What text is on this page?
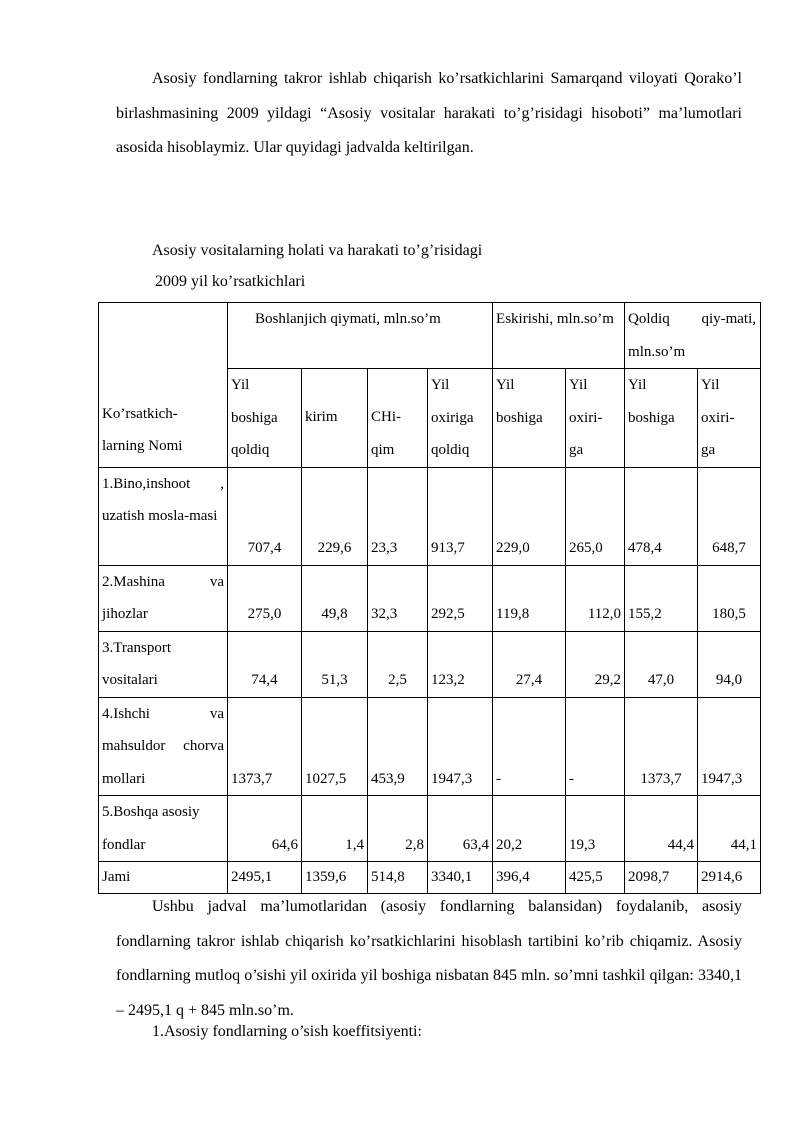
Asosiy fondlarning takror ishlab chiqarish ko’rsatkichlarini Samarqand viloyati Qorako’l birlashmasining 2009 yildagi “Asosiy vositalar harakati to’g’risidagi hisoboti” ma’lumotlari asosida hisoblaymiz. Ular quyidagi jadvalda keltirilgan.

Asosiy vositalarning holati va harakati to’g’risidagi

2009 yil ko’rsatkichlari

Ko’rsatkich-larning Nomi	Boshlanjich qiymati, mln.so’m				Eskirishi, mln.so’m		Qoldiq qiy-mati, mln.so’m	

	Yil boshiga qoldiq	kirim	CHi-qim	Yil oxiriga qoldiq	Yil boshiga	Yil oxiri-ga	Yil boshiga	Yil oxiri-ga

1.Bino,inshoot , uzatish mosla-masi	707,4	229,6	23,3	913,7	229,0	265,0	478,4	648,7
2.Mashina va jihozlar	275,0	49,8	32,3	292,5	119,8	112,0	155,2	180,5
3.Transport vositalari	74,4	51,3	2,5	123,2	27,4	29,2	47,0	94,0
4.Ishchi va mahsuldor chorva mollari	1373,7	1027,5	453,9	1947,3	-	-	1373,7	1947,3
5.Boshqa asosiy fondlar	64,6	1,4	2,8	63,4	20,2	19,3	44,4	44,1
Jami	2495,1	1359,6	514,8	3340,1	396,4	425,5	2098,7	2914,6

Ushbu jadval ma’lumotlaridan (asosiy fondlarning balansidan) foydalanib, asosiy fondlarning takror ishlab chiqarish ko’rsatkichlarini hisoblash tartibini ko’rib chiqamiz. Asosiy fondlarning mutloq o’sishi yil oxirida yil boshiga nisbatan 845 mln. so’mni tashkil qilgan: 3340,1 – 2495,1 q + 845 mln.so’m.

1.Asosiy fondlarning o’sish koeffitsiyenti:
